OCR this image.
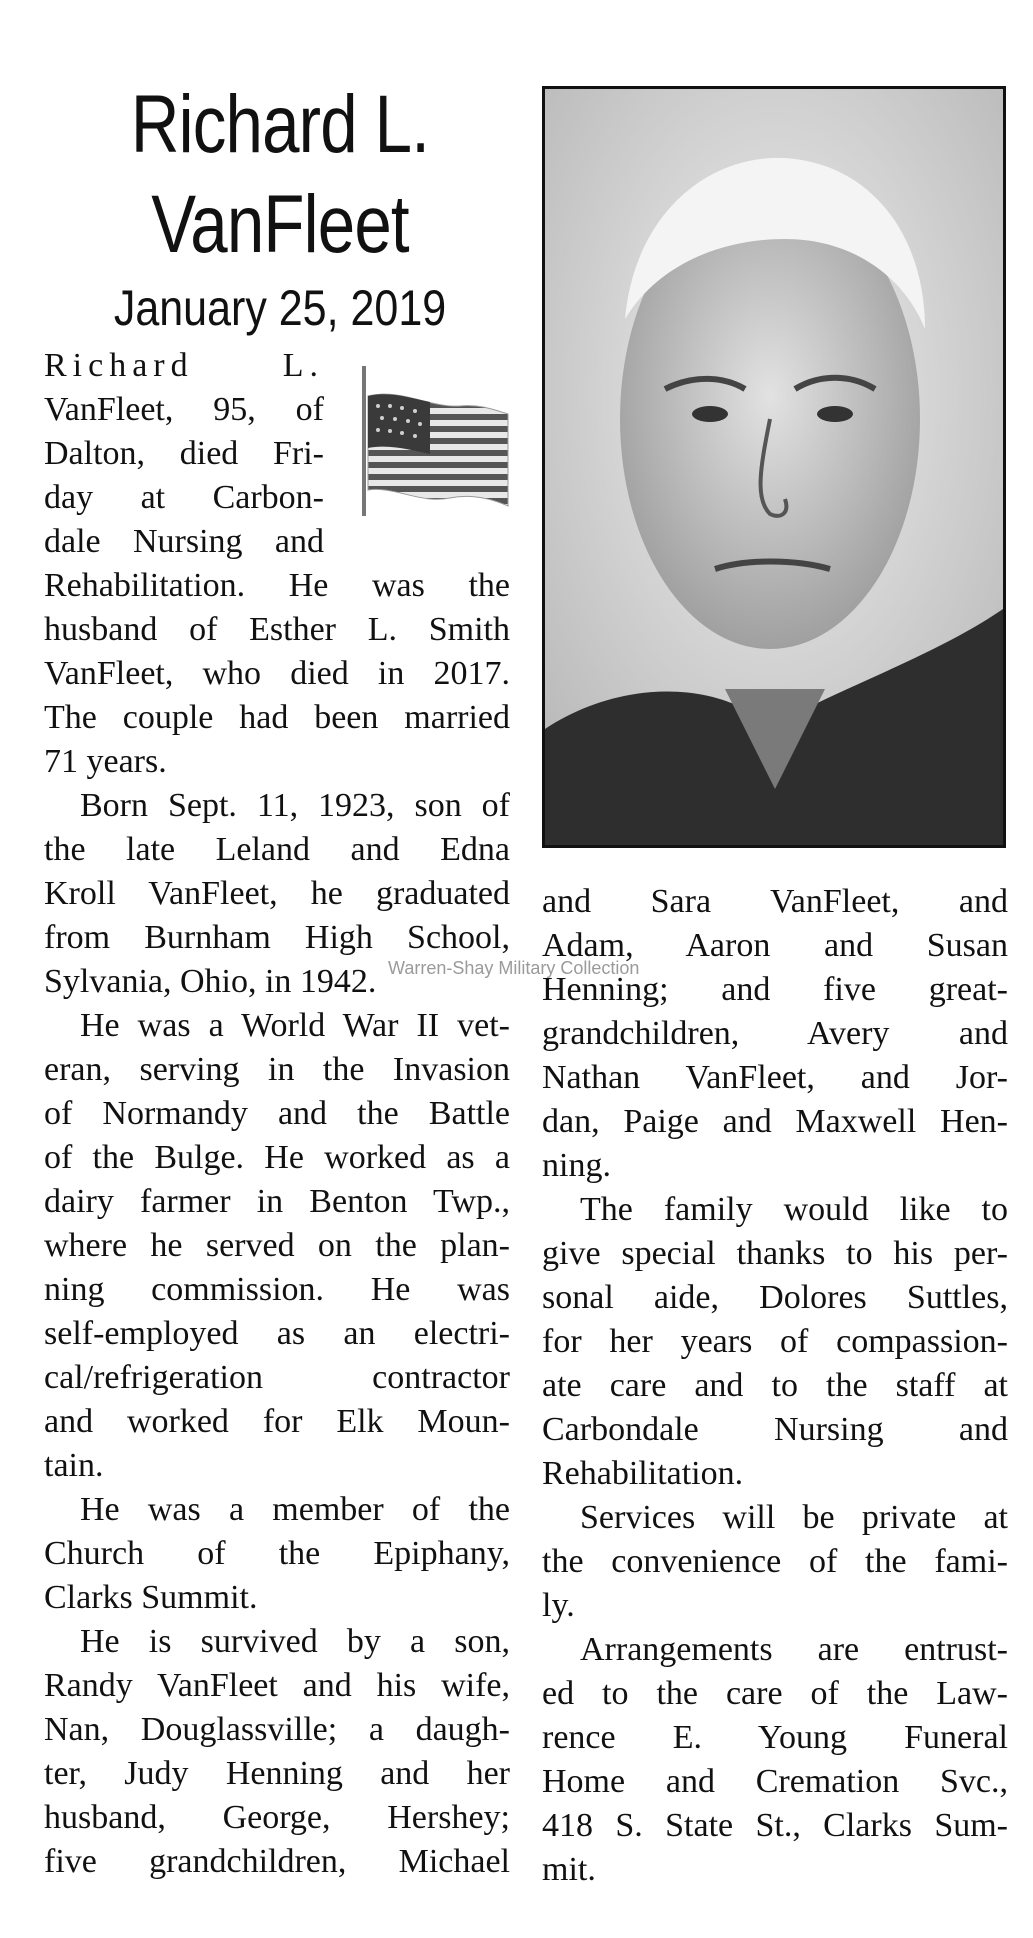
Richard L.
VanFleet
January 25, 2019
Warren-Shay Military Collection
Richard L.
VanFleet, 95, of
Dalton, died Fri-
day at Carbon-
dale Nursing and
Rehabilitation. He was the
husband of Esther L. Smith
VanFleet, who died in 2017.
The couple had been married
71 years.
Born Sept. 11, 1923, son of
the late Leland and Edna
Kroll VanFleet, he graduated
from Burnham High School,
Sylvania, Ohio, in 1942.
He was a World War II vet-
eran, serving in the Invasion
of Normandy and the Battle
of the Bulge. He worked as a
dairy farmer in Benton Twp.,
where he served on the plan-
ning commission. He was
self-employed as an electri-
cal/refrigeration contractor
and worked for Elk Moun-
tain.
He was a member of the
Church of the Epiphany,
Clarks Summit.
He is survived by a son,
Randy VanFleet and his wife,
Nan, Douglassville; a daugh-
ter, Judy Henning and her
husband, George, Hershey;
five grandchildren, Michael
and Sara VanFleet, and
Adam, Aaron and Susan
Henning; and five great-
grandchildren, Avery and
Nathan VanFleet, and Jor-
dan, Paige and Maxwell Hen-
ning.
The family would like to
give special thanks to his per-
sonal aide, Dolores Suttles,
for her years of compassion-
ate care and to the staff at
Carbondale Nursing and
Rehabilitation.
Services will be private at
the convenience of the fami-
ly.
Arrangements are entrust-
ed to the care of the Law-
rence E. Young Funeral
Home and Cremation Svc.,
418 S. State St., Clarks Sum-
mit.
